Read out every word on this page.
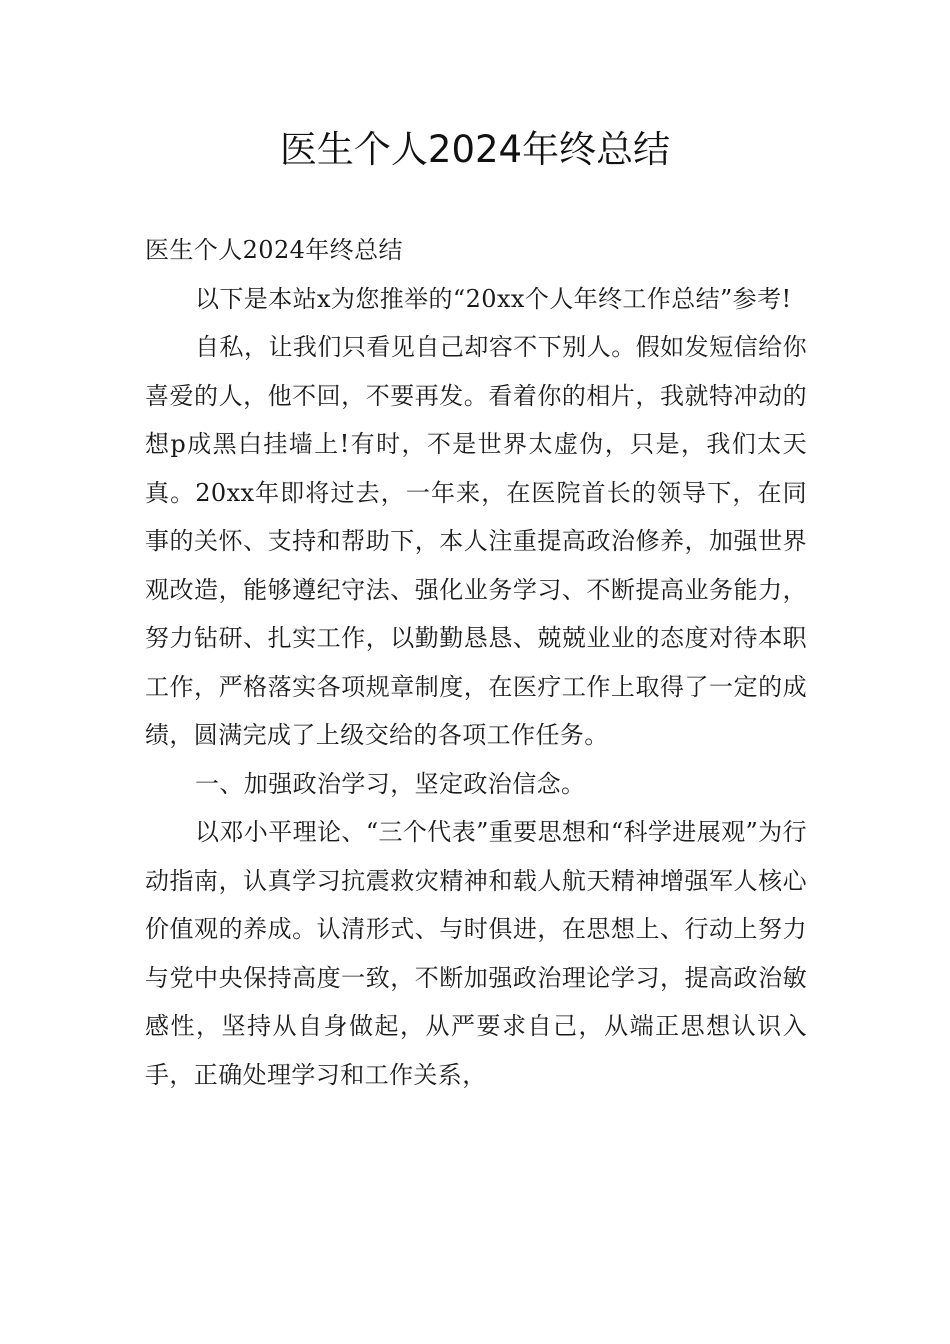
医生个人2024年终总结

医生个人2024年终总结

以下是本站x为您推举的“20xx个人年终工作总结”参考!

自私，让我们只看见自己却容不下别人。假如发短信给你喜爱的人，他不回，不要再发。看着你的相片，我就特冲动的想p成黑白挂墙上!有时，不是世界太虚伪，只是，我们太天真。20xx年即将过去，一年来，在医院首长的领导下，在同事的关怀、支持和帮助下，本人注重提高政治修养，加强世界观改造，能够遵纪守法、强化业务学习、不断提高业务能力，努力钻研、扎实工作，以勤勤恳恳、兢兢业业的态度对待本职工作，严格落实各项规章制度，在医疗工作上取得了一定的成绩，圆满完成了上级交给的各项工作任务。

一、加强政治学习，坚定政治信念。

以邓小平理论、“三个代表”重要思想和“科学进展观”为行动指南，认真学习抗震救灾精神和载人航天精神增强军人核心价值观的养成。认清形式、与时俱进，在思想上、行动上努力与党中央保持高度一致，不断加强政治理论学习，提高政治敏感性，坚持从自身做起，从严要求自己，从端正思想认识入手，正确处理学习和工作关系，
